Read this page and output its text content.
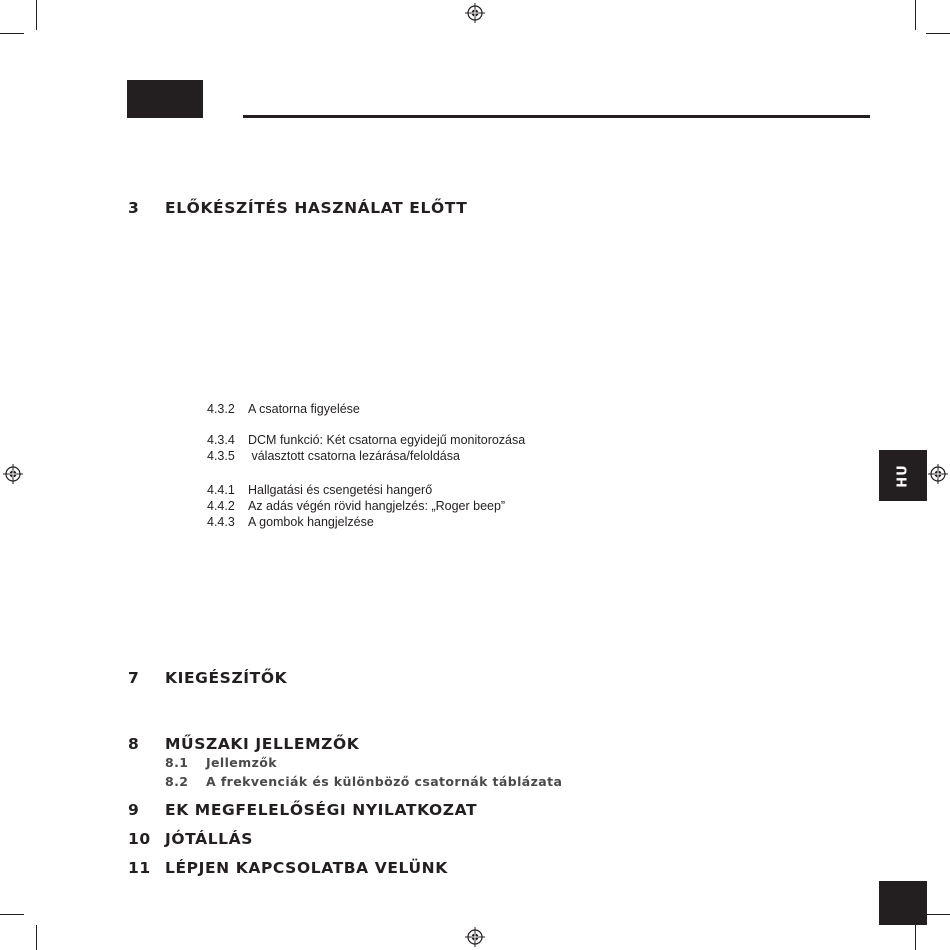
HU
3 ELŐKÉSZÍTÉS HASZNÁLAT ELŐTT
4.3.2 A csatorna figyelése
4.3.4 DCM funkció: Két csatorna egyidejű monitorozása
4.3.5 választott csatorna lezárása/feloldása
4.4.1 Hallgatási és csengetési hangerő
4.4.2 Az adás végén rövid hangjelzés: „Roger beep”
4.4.3 A gombok hangjelzése
7 KIEGÉSZÍTŐK
8 MŰSZAKI JELLEMZŐK
8.1 Jellemzők
8.2 A frekvenciák és különböző csatornák táblázata
9 EK MEGFELELŐSÉGI NYILATKOZAT
10 JÓTÁLLÁS
11 LÉPJEN KAPCSOLATBA VELÜNK
